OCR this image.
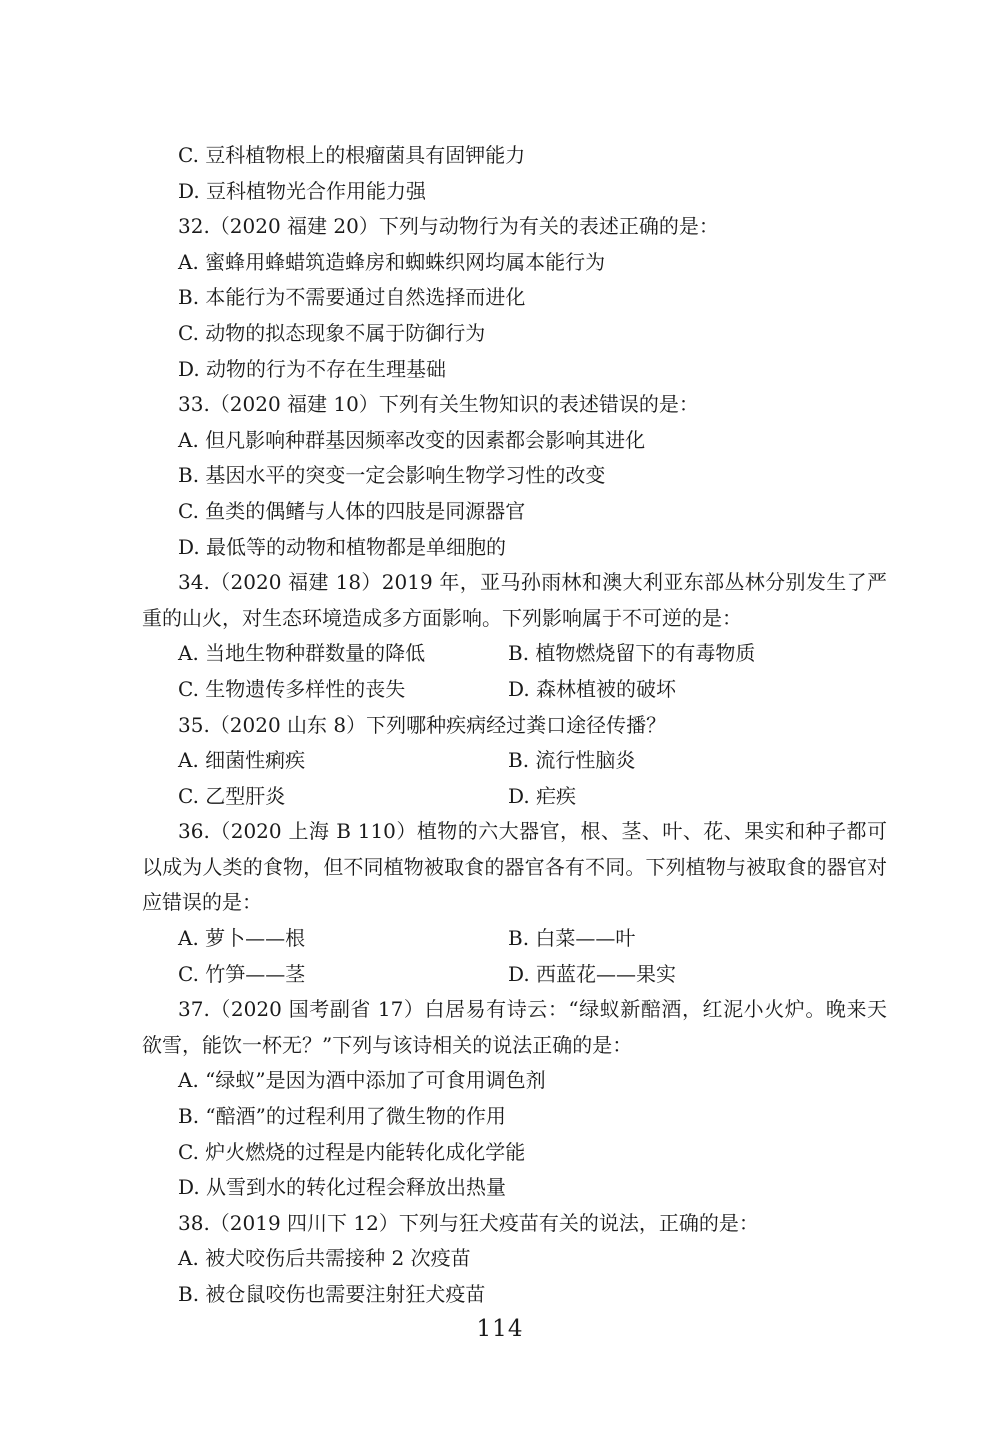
C. 豆科植物根上的根瘤菌具有固钾能力
D. 豆科植物光合作用能力强
32.（2020 福建 20）下列与动物行为有关的表述正确的是：
A. 蜜蜂用蜂蜡筑造蜂房和蜘蛛织网均属本能行为
B. 本能行为不需要通过自然选择而进化
C. 动物的拟态现象不属于防御行为
D. 动物的行为不存在生理基础
33.（2020 福建 10）下列有关生物知识的表述错误的是：
A. 但凡影响种群基因频率改变的因素都会影响其进化
B. 基因水平的突变一定会影响生物学习性的改变
C. 鱼类的偶鳍与人体的四肢是同源器官
D. 最低等的动物和植物都是单细胞的
34.（2020 福建 18）2019 年，亚马孙雨林和澳大利亚东部丛林分别发生了严重的山火，对生态环境造成多方面影响。下列影响属于不可逆的是：
A. 当地生物种群数量的降低	B. 植物燃烧留下的有毒物质
C. 生物遗传多样性的丧失	D. 森林植被的破坏
35.（2020 山东 8）下列哪种疾病经过粪口途径传播？
A. 细菌性痢疾	B. 流行性脑炎
C. 乙型肝炎	D. 疟疾
36.（2020 上海 B 110）植物的六大器官，根、茎、叶、花、果实和种子都可以成为人类的食物，但不同植物被取食的器官各有不同。下列植物与被取食的器官对应错误的是：
A. 萝卜——根	B. 白菜——叶
C. 竹笋——茎	D. 西蓝花——果实
37.（2020 国考副省 17）白居易有诗云：“绿蚁新醅酒，红泥小火炉。晚来天欲雪，能饮一杯无？”下列与该诗相关的说法正确的是：
A. “绿蚁”是因为酒中添加了可食用调色剂
B. “醅酒”的过程利用了微生物的作用
C. 炉火燃烧的过程是内能转化成化学能
D. 从雪到水的转化过程会释放出热量
38.（2019 四川下 12）下列与狂犬疫苗有关的说法，正确的是：
A. 被犬咬伤后共需接种 2 次疫苗
B. 被仓鼠咬伤也需要注射狂犬疫苗
114
